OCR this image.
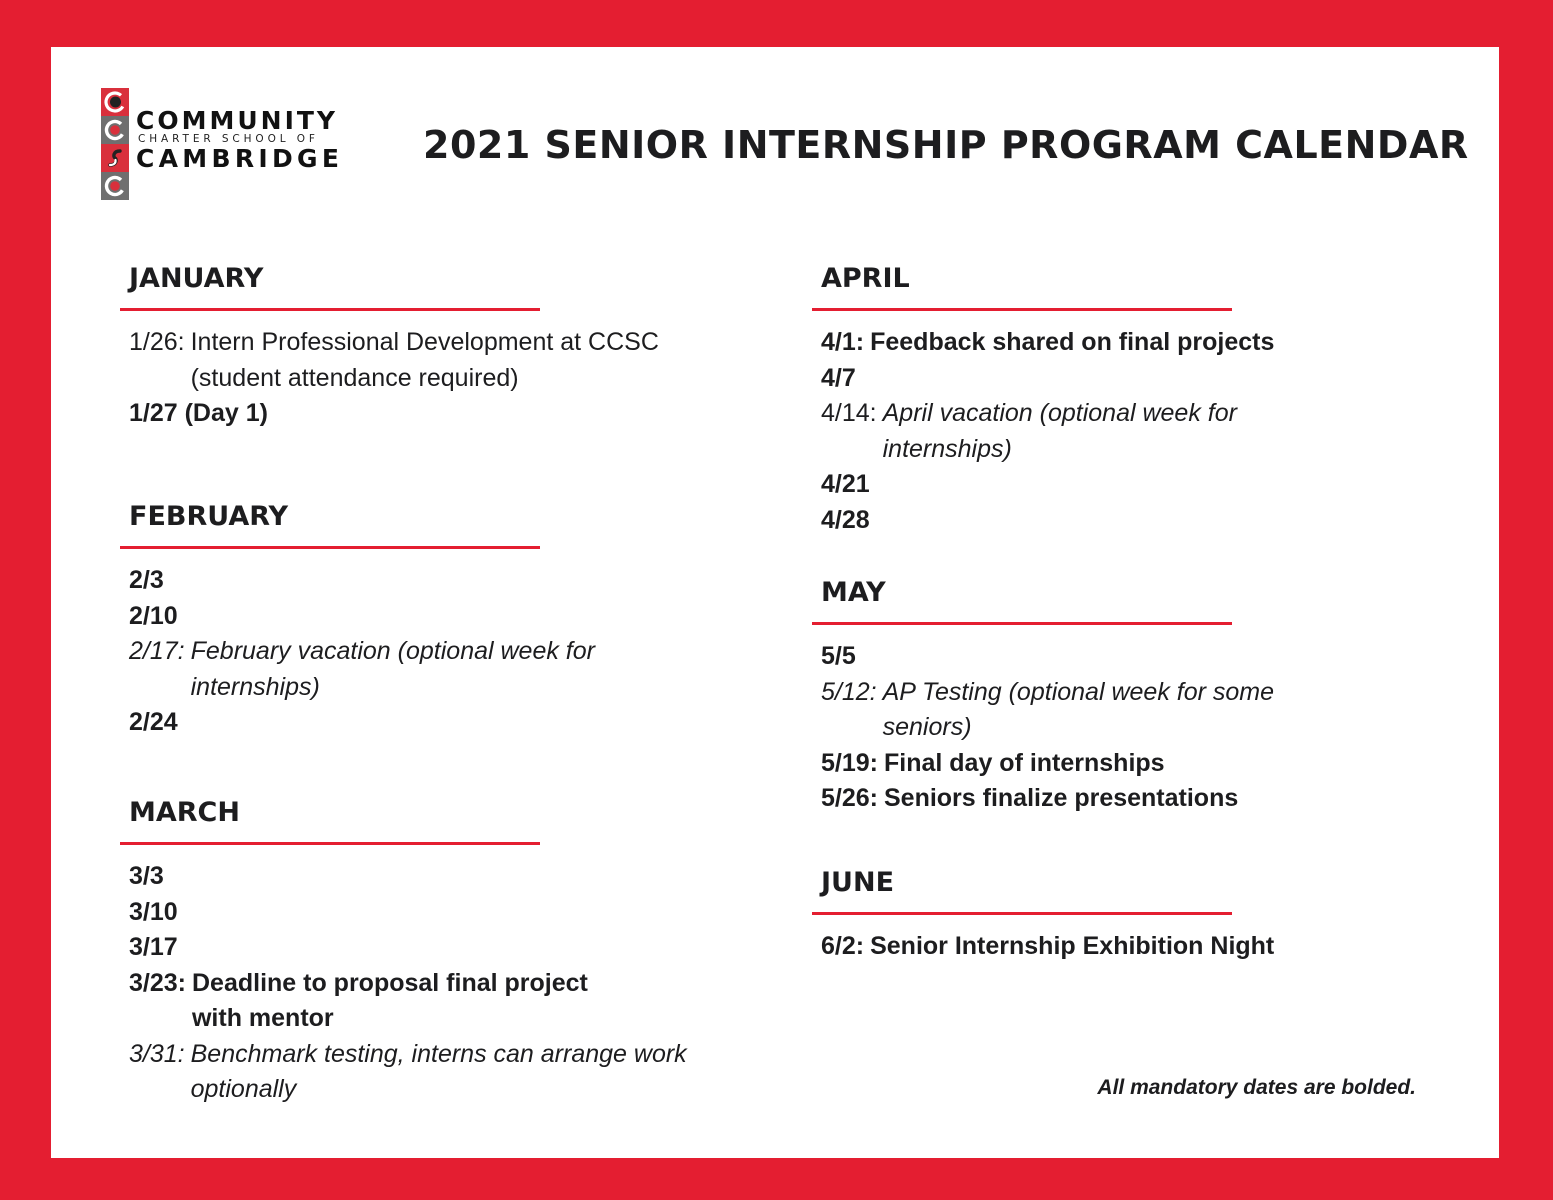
COMMUNITY
CHARTER SCHOOL OF
CAMBRIDGE 2021 SENIOR INTERNSHIP PROGRAM CALENDAR
JANUARY
1/26: Intern Professional Development at CCSC (student attendance required)
1/27 (Day 1)
FEBRUARY
2/3
2/10
2/17: February vacation (optional week for internships)
2/24
MARCH
3/3
3/10
3/17
3/23: Deadline to proposal final project with mentor
3/31: Benchmark testing, interns can arrange work optionally
APRIL
4/1: Feedback shared on final projects
4/7
4/14: April vacation (optional week for internships)
4/21
4/28
MAY
5/5
5/12: AP Testing (optional week for some seniors)
5/19: Final day of internships
5/26: Seniors finalize presentations
JUNE
6/2: Senior Internship Exhibition Night
All mandatory dates are bolded.
